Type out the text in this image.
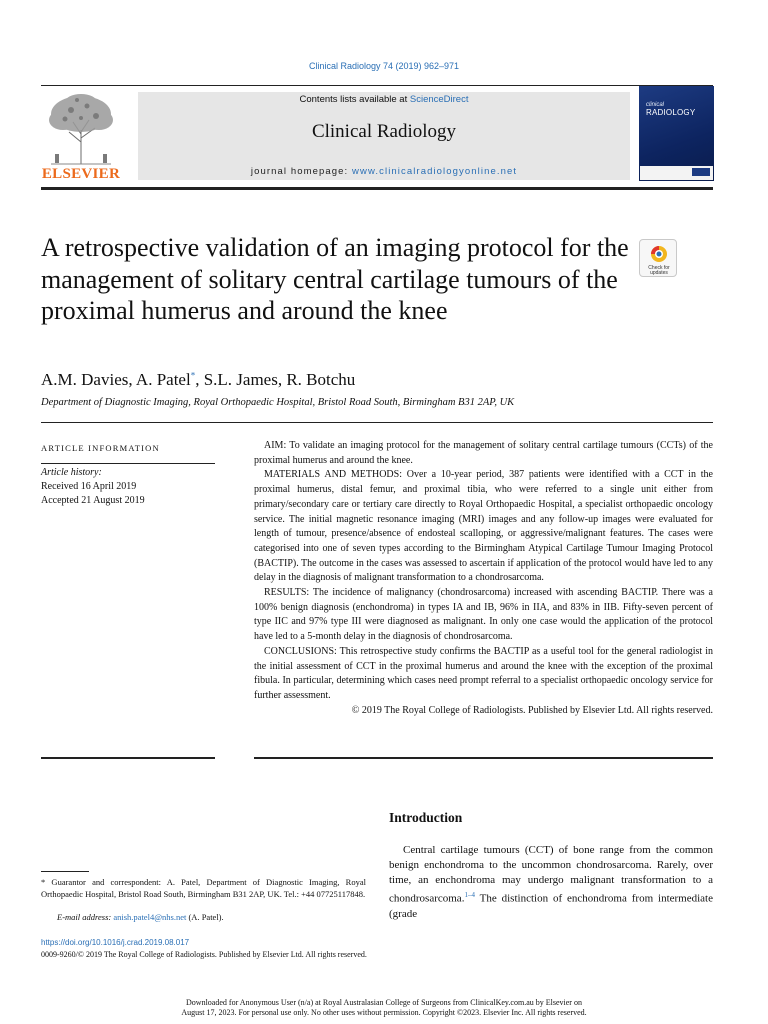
Clinical Radiology 74 (2019) 962–971
ELSEVIER
Contents lists available at ScienceDirect
Clinical Radiology
journal homepage: www.clinicalradiologyonline.net
clinical
RADIOLOGY
A retrospective validation of an imaging protocol for the management of solitary central cartilage tumours of the proximal humerus and around the knee
Check for
updates
A.M. Davies, A. Patel*, S.L. James, R. Botchu
Department of Diagnostic Imaging, Royal Orthopaedic Hospital, Bristol Road South, Birmingham B31 2AP, UK
ARTICLE INFORMATION
Article history:
Received 16 April 2019
Accepted 21 August 2019

AIM: To validate an imaging protocol for the management of solitary central cartilage tumours (CCTs) of the proximal humerus and around the knee.

MATERIALS AND METHODS: Over a 10-year period, 387 patients were identified with a CCT in the proximal humerus, distal femur, and proximal tibia, who were referred to a single unit either from primary/secondary care or tertiary care directly to Royal Orthopaedic Hospital, a specialist orthopaedic oncology service. The initial magnetic resonance imaging (MRI) images and any follow-up images were evaluated for length of tumour, presence/absence of endosteal scalloping, or aggressive/malignant features. The cases were categorised into one of seven types according to the Birmingham Atypical Cartilage Tumour Imaging Protocol (BACTIP). The outcome in the cases was assessed to ascertain if application of the protocol would have led to any delay in the diagnosis of malignant transformation to a chondrosarcoma.

RESULTS: The incidence of malignancy (chondrosarcoma) increased with ascending BACTIP. There was a 100% benign diagnosis (enchondroma) in types IA and IB, 96% in IIA, and 83% in IIB. Fifty-seven percent of type IIC and 97% type III were diagnosed as malignant. In only one case would the application of the protocol have led to a 5-month delay in the diagnosis of chondrosarcoma.

CONCLUSIONS: This retrospective study confirms the BACTIP as a useful tool for the general radiologist in the initial assessment of CCT in the proximal humerus and around the knee with the exception of the proximal fibula. In particular, determining which cases need prompt referral to a specialist orthopaedic oncology service for further assessment.

© 2019 The Royal College of Radiologists. Published by Elsevier Ltd. All rights reserved.

Introduction
Central cartilage tumours (CCT) of bone range from the common benign enchondroma to the uncommon chondrosarcoma. Rarely, over time, an enchondroma may undergo malignant transformation to a chondrosarcoma.$^{1-4}$ The distinction of enchondroma from intermediate (grade
* Guarantor and correspondent: A. Patel, Department of Diagnostic Imaging, Royal Orthopaedic Hospital, Bristol Road South, Birmingham B31 2AP, UK. Tel.: +44 07725117848.
E-mail address: anish.patel4@nhs.net (A. Patel).
https://doi.org/10.1016/j.crad.2019.08.017
0009-9260/© 2019 The Royal College of Radiologists. Published by Elsevier Ltd. All rights reserved.
Downloaded for Anonymous User (n/a) at Royal Australasian College of Surgeons from ClinicalKey.com.au by Elsevier on
August 17, 2023. For personal use only. No other uses without permission. Copyright ©2023. Elsevier Inc. All rights reserved.
